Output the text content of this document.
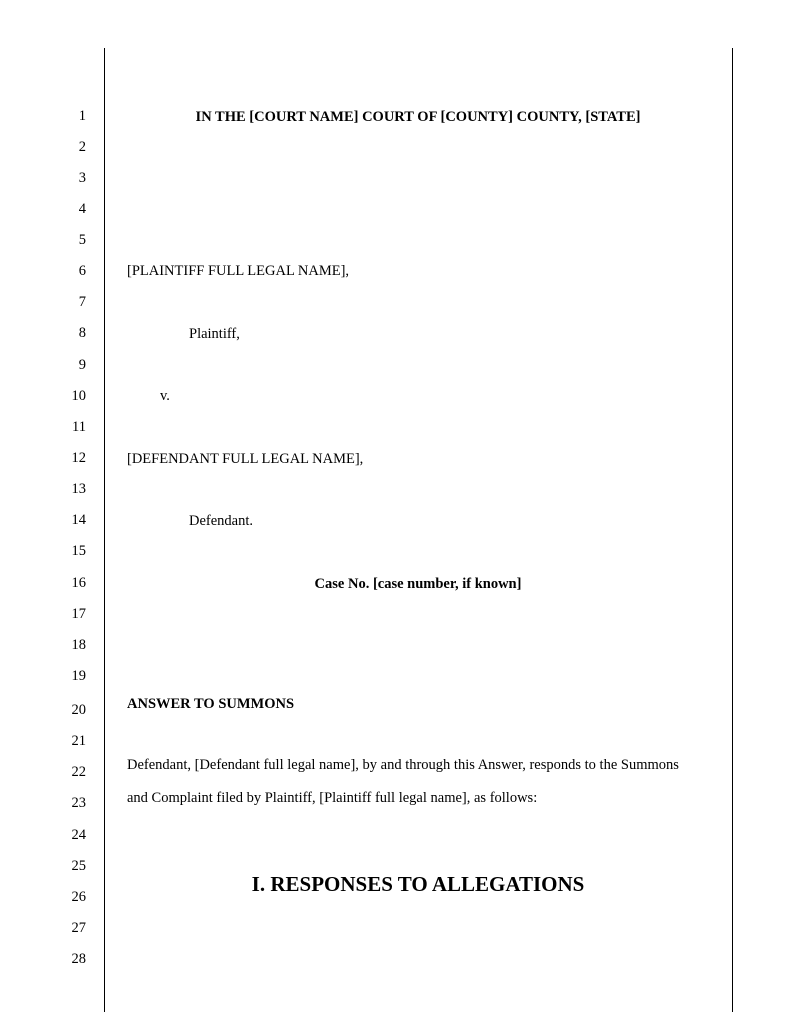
1
2
3
4
5
6
7
8
9
10
11
12
13
14
15
16
17
18
19
20
21
22
23
24
25
26
27
28
IN THE [COURT NAME] COURT OF [COUNTY] COUNTY, [STATE]
[PLAINTIFF FULL LEGAL NAME],
Plaintiff,
v.
[DEFENDANT FULL LEGAL NAME],
Defendant.
Case No. [case number, if known]
ANSWER TO SUMMONS
Defendant, [Defendant full legal name], by and through this Answer, responds to the Summons
and Complaint filed by Plaintiff, [Plaintiff full legal name], as follows:
I. RESPONSES TO ALLEGATIONS
